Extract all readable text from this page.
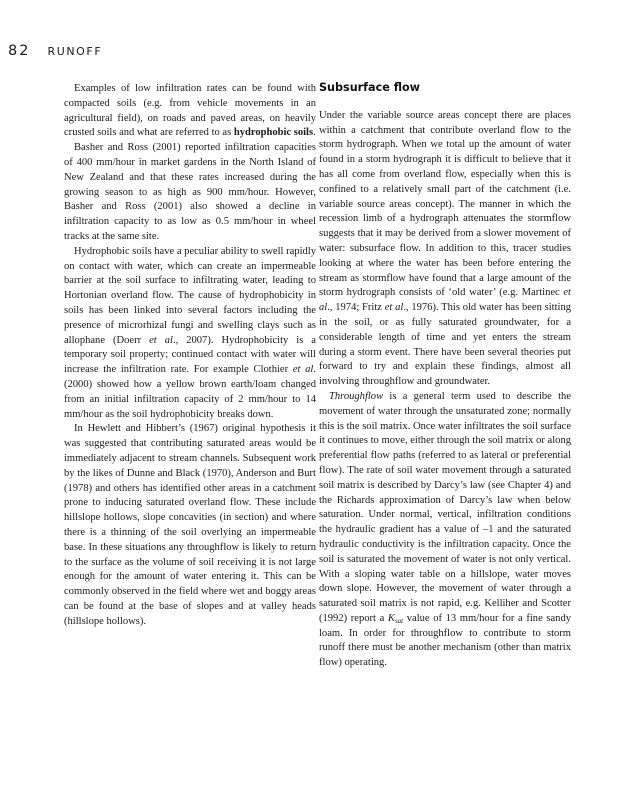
82 RUNOFF

Examples of low infiltration rates can be found with compacted soils (e.g. from vehicle movements in an agricultural field), on roads and paved areas, on heavily crusted soils and what are referred to as hydrophobic soils.

Basher and Ross (2001) reported infiltration capacities of 400 mm/hour in market gardens in the North Island of New Zealand and that these rates increased during the growing season to as high as 900 mm/hour. However, Basher and Ross (2001) also showed a decline in infiltration capacity to as low as 0.5 mm/hour in wheel tracks at the same site.

Hydrophobic soils have a peculiar ability to swell rapidly on contact with water, which can create an impermeable barrier at the soil surface to infiltrating water, leading to Hortonian overland flow. The cause of hydrophobicity in soils has been linked into several factors including the presence of microrhizal fungi and swelling clays such as allophane (Doerr et al., 2007). Hydrophobicity is a temporary soil property; continued contact with water will increase the infiltration rate. For example Clothier et al. (2000) showed how a yellow brown earth/loam changed from an initial infiltration capacity of 2 mm/hour to 14 mm/hour as the soil hydrophobicity breaks down.

In Hewlett and Hibbert’s (1967) original hypothesis it was suggested that contributing saturated areas would be immediately adjacent to stream channels. Subsequent work by the likes of Dunne and Black (1970), Anderson and Burt (1978) and others has identified other areas in a catchment prone to inducing saturated overland flow. These include hillslope hollows, slope concavities (in section) and where there is a thinning of the soil overlying an impermeable base. In these situations any throughflow is likely to return to the surface as the volume of soil receiving it is not large enough for the amount of water entering it. This can be commonly observed in the field where wet and boggy areas can be found at the base of slopes and at valley heads (hillslope hollows).

Subsurface flow

Under the variable source areas concept there are places within a catchment that contribute overland flow to the storm hydrograph. When we total up the amount of water found in a storm hydrograph it is difficult to believe that it has all come from overland flow, especially when this is confined to a relatively small part of the catchment (i.e. variable source areas concept). The manner in which the recession limb of a hydrograph attenuates the stormflow suggests that it may be derived from a slower movement of water: subsurface flow. In addition to this, tracer studies looking at where the water has been before entering the stream as stormflow have found that a large amount of the storm hydrograph consists of ‘old water’ (e.g. Martinec et al., 1974; Fritz et al., 1976). This old water has been sitting in the soil, or as fully saturated groundwater, for a considerable length of time and yet enters the stream during a storm event. There have been several theories put forward to try and explain these findings, almost all involving throughflow and groundwater.

Throughflow is a general term used to describe the movement of water through the unsaturated zone; normally this is the soil matrix. Once water infiltrates the soil surface it continues to move, either through the soil matrix or along preferential flow paths (referred to as lateral or preferential flow). The rate of soil water movement through a saturated soil matrix is described by Darcy’s law (see Chapter 4) and the Richards approximation of Darcy’s law when below saturation. Under normal, vertical, infiltration conditions the hydraulic gradient has a value of –1 and the saturated hydraulic conductivity is the infiltration capacity. Once the soil is saturated the movement of water is not only vertical. With a sloping water table on a hillslope, water moves down slope. However, the movement of water through a saturated soil matrix is not rapid, e.g. Kelliher and Scotter (1992) report a $K_{sat}$ value of 13 mm/hour for a fine sandy loam. In order for throughflow to contribute to storm runoff there must be another mechanism (other than matrix flow) operating.
